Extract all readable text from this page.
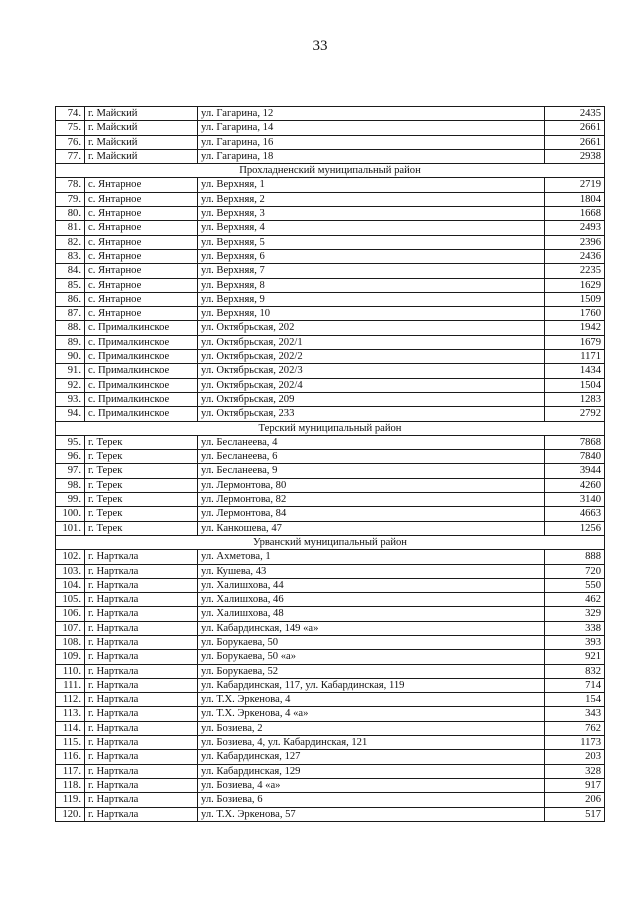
33
74.	г. Майский	ул. Гагарина, 12	2435
75.	г. Майский	ул. Гагарина, 14	2661
76.	г. Майский	ул. Гагарина, 16	2661
77.	г. Майский	ул. Гагарина, 18	2938
Прохладненский муниципальный район			
78.	с. Янтарное	ул. Верхняя, 1	2719
79.	с. Янтарное	ул. Верхняя, 2	1804
80.	с. Янтарное	ул. Верхняя, 3	1668
81.	с. Янтарное	ул. Верхняя, 4	2493
82.	с. Янтарное	ул. Верхняя, 5	2396
83.	с. Янтарное	ул. Верхняя, 6	2436
84.	с. Янтарное	ул. Верхняя, 7	2235
85.	с. Янтарное	ул. Верхняя, 8	1629
86.	с. Янтарное	ул. Верхняя, 9	1509
87.	с. Янтарное	ул. Верхняя, 10	1760
88.	с. Прималкинское	ул. Октябрьская, 202	1942
89.	с. Прималкинское	ул. Октябрьская, 202/1	1679
90.	с. Прималкинское	ул. Октябрьская, 202/2	1171
91.	с. Прималкинское	ул. Октябрьская, 202/3	1434
92.	с. Прималкинское	ул. Октябрьская, 202/4	1504
93.	с. Прималкинское	ул. Октябрьская, 209	1283
94.	с. Прималкинское	ул. Октябрьская, 233	2792
Терский муниципальный район			
95.	г. Терек	ул. Бесланеева, 4	7868
96.	г. Терек	ул. Бесланеева, 6	7840
97.	г. Терек	ул. Бесланеева, 9	3944
98.	г. Терек	ул. Лермонтова, 80	4260
99.	г. Терек	ул. Лермонтова, 82	3140
100.	г. Терек	ул. Лермонтова, 84	4663
101.	г. Терек	ул. Канкошева, 47	1256
Урванский муниципальный район			
102.	г. Нарткала	ул. Ахметова, 1	888
103.	г. Нарткала	ул. Кушева, 43	720
104.	г. Нарткала	ул. Халишхова, 44	550
105.	г. Нарткала	ул. Халишхова, 46	462
106.	г. Нарткала	ул. Халишхова, 48	329
107.	г. Нарткала	ул. Кабардинская, 149 «а»	338
108.	г. Нарткала	ул. Борукаева, 50	393
109.	г. Нарткала	ул. Борукаева, 50 «а»	921
110.	г. Нарткала	ул. Борукаева, 52	832
111.	г. Нарткала	ул. Кабардинская, 117, ул. Кабардинская, 119	714
112.	г. Нарткала	ул. Т.Х. Эркенова, 4	154
113.	г. Нарткала	ул. Т.Х. Эркенова, 4 «а»	343
114.	г. Нарткала	ул. Бозиева, 2	762
115.	г. Нарткала	ул. Бозиева, 4, ул. Кабардинская, 121	1173
116.	г. Нарткала	ул. Кабардинская, 127	203
117.	г. Нарткала	ул. Кабардинская, 129	328
118.	г. Нарткала	ул. Бозиева, 4 «а»	917
119.	г. Нарткала	ул. Бозиева, 6	206
120.	г. Нарткала	ул. Т.Х. Эркенова, 57	517
